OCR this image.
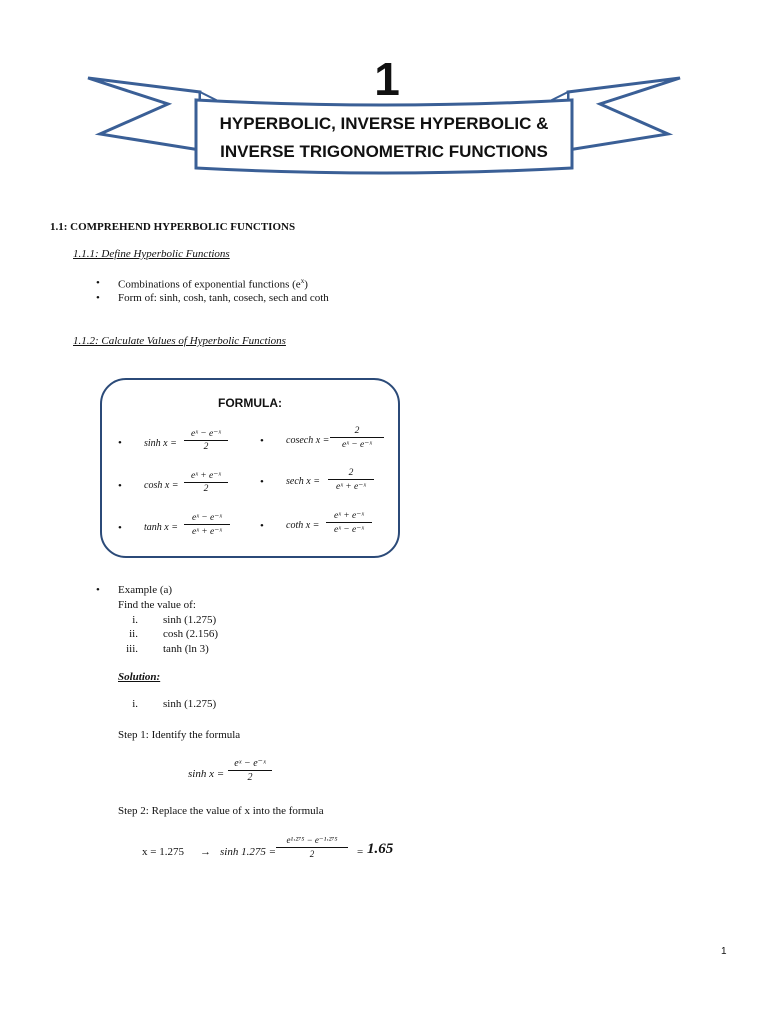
1
HYPERBOLIC, INVERSE HYPERBOLIC &
INVERSE TRIGONOMETRIC FUNCTIONS
1.1: COMPREHEND HYPERBOLIC FUNCTIONS
1.1.1: Define Hyperbolic Functions
• Combinations of exponential functions $(e^x)$
• Form of: sinh, cosh, tanh, cosech, sech and coth
1.1.2: Calculate Values of Hyperbolic Functions
FORMULA:
• $\sinh x = \frac{\text{eˣ − e⁻ˣ}}{2}$	• cosech $x = \frac{2}{\text{eˣ − e⁻ˣ}}$
• $\cosh x = \frac{\text{eˣ + e⁻ˣ}}{2}$	• sech $x = \frac{2}{\text{eˣ + e⁻ˣ}}$
• $\tanh x = \frac{\text{eˣ − e⁻ˣ}}{\text{eˣ + e⁻ˣ}}$	• coth $x = \frac{\text{eˣ + e⁻ˣ}}{\text{eˣ − e⁻ˣ}}$
• Example (a)
Find the value of:
i. sinh (1.275)
ii. cosh (2.156)
iii. tanh (ln 3)
Solution:
i. sinh (1.275)
Step 1: Identify the formula
$\sinh x = \frac{\text{eˣ − e⁻ˣ}}{2}$
Step 2: Replace the value of x into the formula
$x = 1.275 \to \sinh 1.275 = \frac{\text{e¹·²⁷⁵ − e⁻¹·²⁷⁵}}{2} = 1.65$
1
